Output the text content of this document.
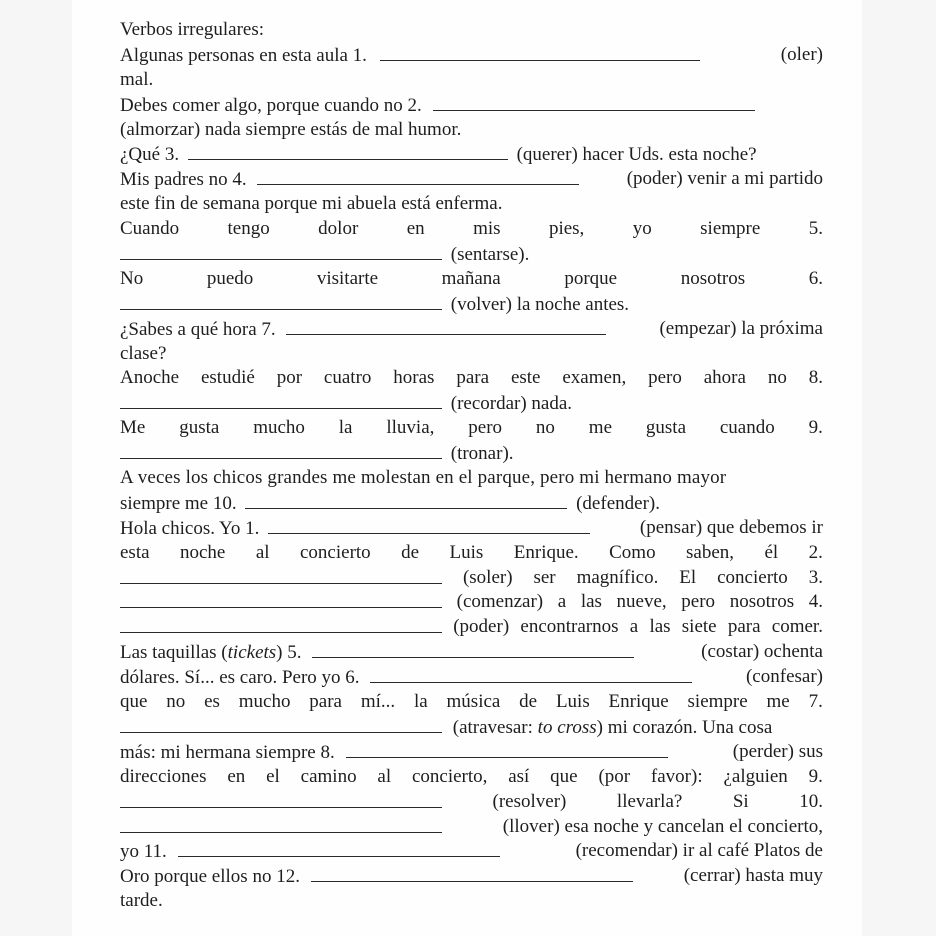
Verbos irregulares:
Algunas personas en esta aula 1.	(oler)
mal.
Debes comer algo, porque cuando no 2.
(almorzar) nada siempre estás de mal humor.
¿Qué 3.	(querer) hacer Uds. esta noche?
Mis padres no 4.	(poder) venir a mi partido
este fin de semana porque mi abuela está enferma.
Cuando	tengo	dolor	en	mis	pies,	yo	siempre	5.
(sentarse).
No	puedo	visitarte	mañana	porque	nosotros	6.
(volver) la noche antes.
¿Sabes a qué hora 7.	(empezar) la próxima
clase?
Anoche estudié por cuatro horas para este examen, pero ahora no 8.
(recordar) nada.
Me gusta mucho la lluvia, pero no me gusta cuando 9.
(tronar).
A veces los chicos grandes me molestan en el parque, pero mi hermano mayor
siempre me 10.	(defender).
Hola chicos. Yo 1.	(pensar) que debemos ir
esta noche al concierto de Luis Enrique. Como saben, él 2.
(soler) ser magnífico. El concierto 3.
(comenzar) a las nueve, pero nosotros 4.
(poder) encontrarnos a las siete para comer.
Las taquillas (tickets) 5.	(costar) ochenta
dólares. Sí... es caro. Pero yo 6.	(confesar)
que no es mucho para mí... la música de Luis Enrique siempre me 7.
(atravesar: to cross) mi corazón. Una cosa
más: mi hermana siempre 8.	(perder) sus
direcciones en el camino al concierto, así que (por favor): ¿alguien 9.
(resolver)	llevarla?	Si	10.
(llover) esa noche y cancelan el concierto,
yo 11.	(recomendar) ir al café Platos de
Oro porque ellos no 12.	(cerrar) hasta muy
tarde.
